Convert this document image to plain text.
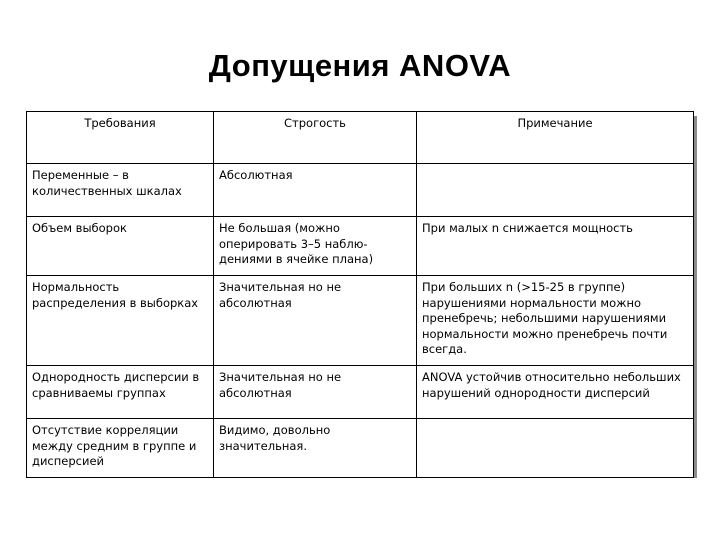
Допущения ANOVA
Требования	Строгость	Примечание
Переменные – в количественных шкалах	Абсолютная	
Объем выборок	Не большая (можно оперировать 3–5 наблю-дениями в ячейке плана)	При малых n снижается мощность
Нормальность распределения в выборках	Значительная но не абсолютная	При больших n (>15-25 в группе) нарушениями нормальности можно пренебречь; небольшими нарушениями нормальности можно пренебречь почти всегда.
Однородность дисперсии в сравниваемы группах	Значительная но не абсолютная	ANOVA устойчив относительно небольших нарушений однородности дисперсий
Отсутствие корреляции между средним в группе и дисперсией	Видимо, довольно значительная.	
